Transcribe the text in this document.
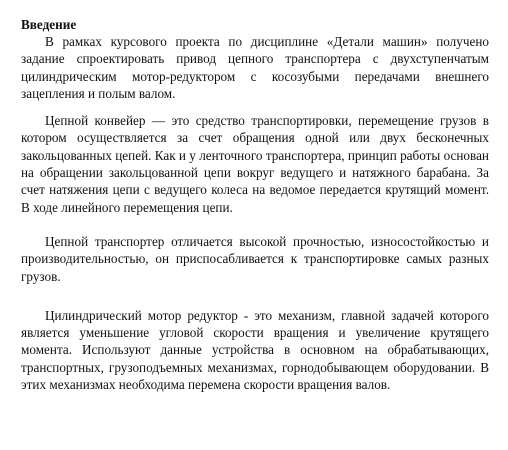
Введение

В рамках курсового проекта по дисциплине «Детали машин» получено задание спроектировать привод цепного транспортера с двухступенчатым цилиндрическим мотор-редуктором с косозубыми передачами внешнего зацепления и полым валом.

Цепной конвейер — это средство транспортировки, перемещение грузов в котором осуществляется за счет обращения одной или двух бесконечных закольцованных цепей. Как и у ленточного транспортера, принцип работы основан на обращении закольцованной цепи вокруг ведущего и натяжного барабана. За счет натяжения цепи с ведущего колеса на ведомое передается крутящий момент. В ходе линейного перемещения цепи.

Цепной транспортер отличается высокой прочностью, износостойкостью и производительностью, он приспосабливается к транспортировке самых разных грузов.

Цилиндрический мотор редуктор - это механизм, главной задачей которого является уменьшение угловой скорости вращения и увеличение крутящего момента. Используют данные устройства в основном на обрабатывающих, транспортных, грузоподъемных механизмах, горнодобывающем оборудовании. В этих механизмах необходима перемена скорости вращения валов.
